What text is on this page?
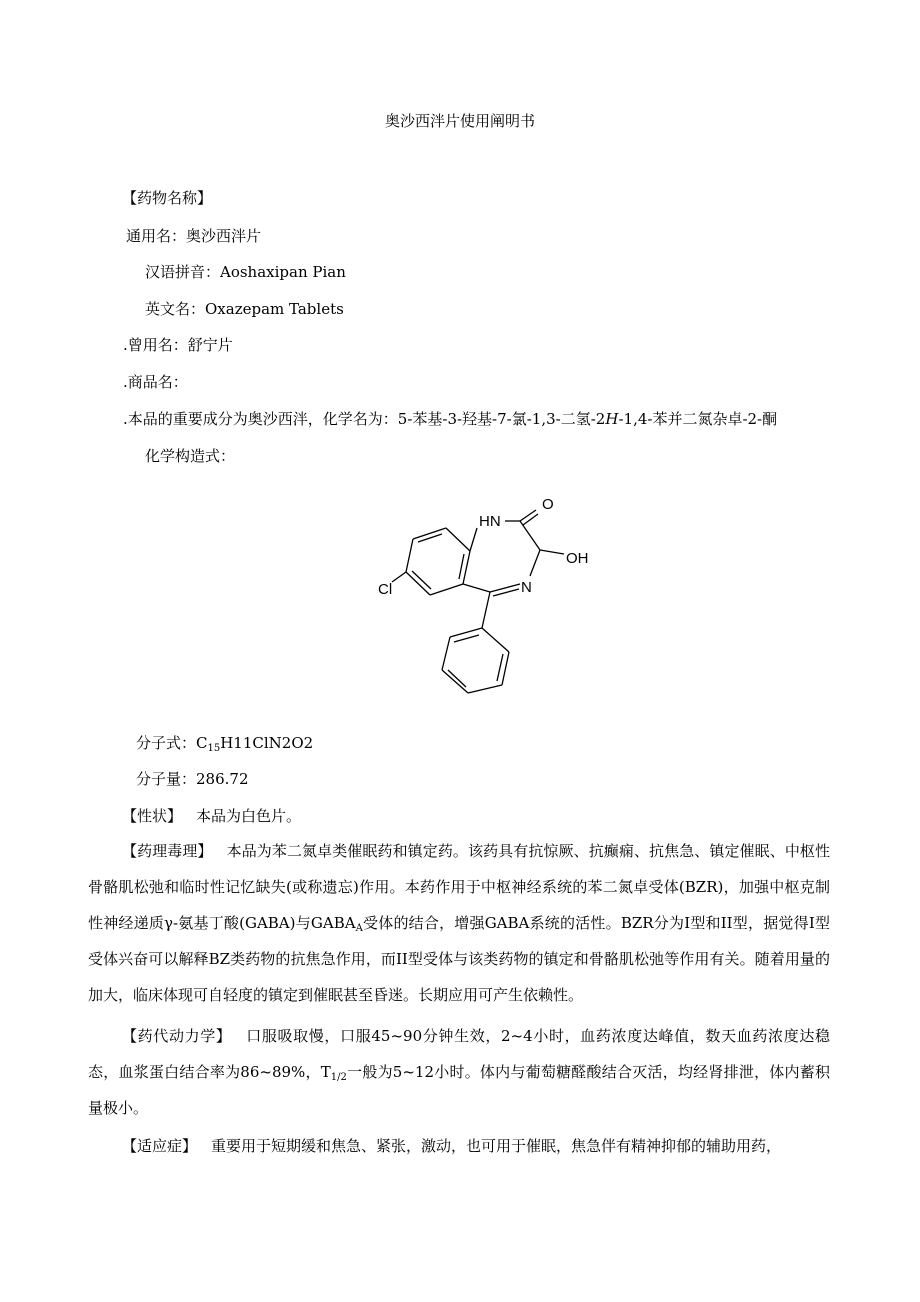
奥沙西泮片使用阐明书
【药物名称】
通用名：奥沙西泮片
汉语拼音：Aoshaxipan Pian
英文名：Oxazepam Tablets
.曾用名：舒宁片
.商品名：
.本品的重要成分为奥沙西泮，化学名为：5-苯基-3-羟基-7-氯-1,3-二氢-2H-1,4-苯并二氮杂卓-2-酮
化学构造式：
O
HN
OH
N
Cl
分子式：$C_{15}H11ClN2O2$
分子量：286.72
【性状】 本品为白色片。
【药理毒理】 本品为苯二氮卓类催眠药和镇定药。该药具有抗惊厥、抗癫痫、抗焦急、镇定催眠、中枢性骨骼肌松弛和临时性记忆缺失(或称遗忘)作用。本药作用于中枢神经系统的苯二氮卓受体(BZR)，加强中枢克制性神经递质γ-氨基丁酸(GABA)与$GABA_A$受体的结合，增强GABA系统的活性。BZR分为I型和II型，据觉得I型受体兴奋可以解释BZ类药物的抗焦急作用，而II型受体与该类药物的镇定和骨骼肌松弛等作用有关。随着用量的加大，临床体现可自轻度的镇定到催眠甚至昏迷。长期应用可产生依赖性。
【药代动力学】 口服吸取慢，口服45~90分钟生效，2~4小时，血药浓度达峰值，数天血药浓度达稳态，血浆蛋白结合率为86~89%，$T_{1/2}$一般为5~12小时。体内与葡萄糖醛酸结合灭活，均经肾排泄，体内蓄积量极小。
【适应症】 重要用于短期缓和焦急、紧张，激动，也可用于催眠，焦急伴有精神抑郁的辅助用药，
